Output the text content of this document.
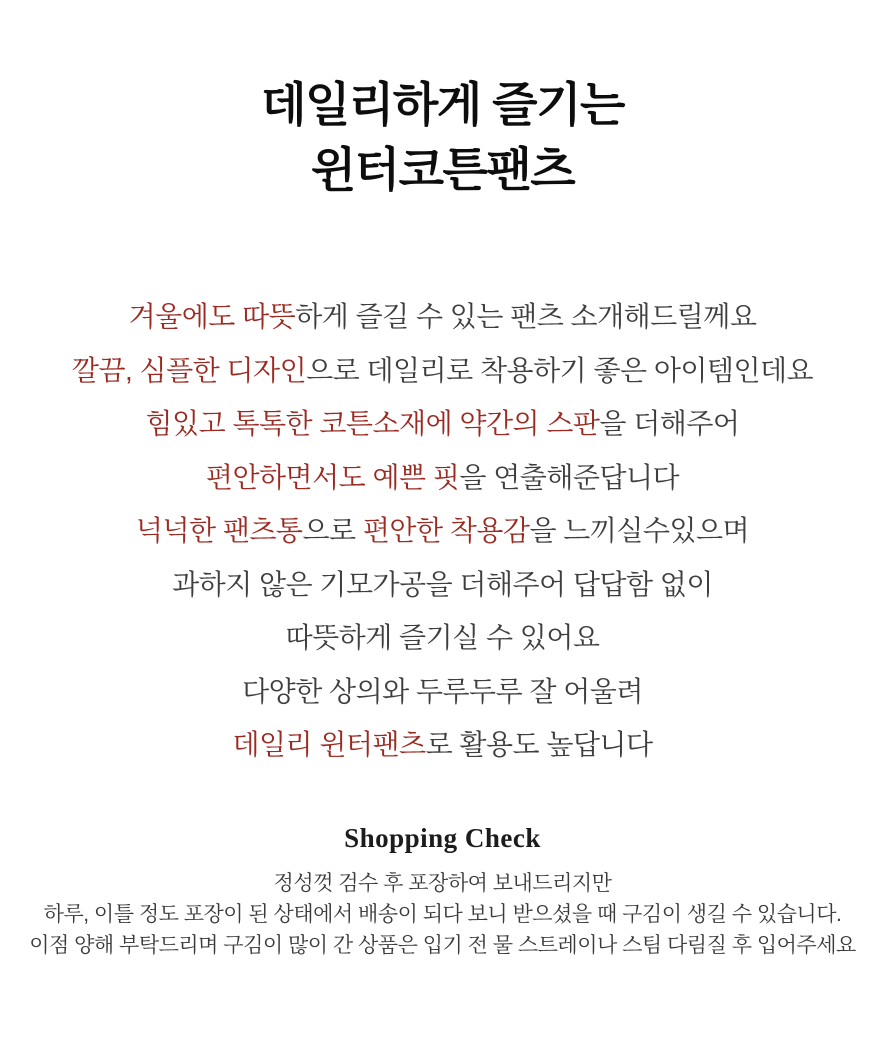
데일리하게 즐기는
윈터코튼팬츠

겨울에도 따뜻하게 즐길 수 있는 팬츠 소개해드릴께요

깔끔, 심플한 디자인으로 데일리로 착용하기 좋은 아이템인데요

힘있고 톡톡한 코튼소재에 약간의 스판을 더해주어

편안하면서도 예쁜 핏을 연출해준답니다

넉넉한 팬츠통으로 편안한 착용감을 느끼실수있으며

과하지 않은 기모가공을 더해주어 답답함 없이

따뜻하게 즐기실 수 있어요

다양한 상의와 두루두루 잘 어울려

데일리 윈터팬츠로 활용도 높답니다

Shopping Check

정성껏 검수 후 포장하여 보내드리지만

하루, 이틀 정도 포장이 된 상태에서 배송이 되다 보니 받으셨을 때 구김이 생길 수 있습니다.

이점 양해 부탁드리며 구김이 많이 간 상품은 입기 전 물 스트레이나 스팀 다림질 후 입어주세요
